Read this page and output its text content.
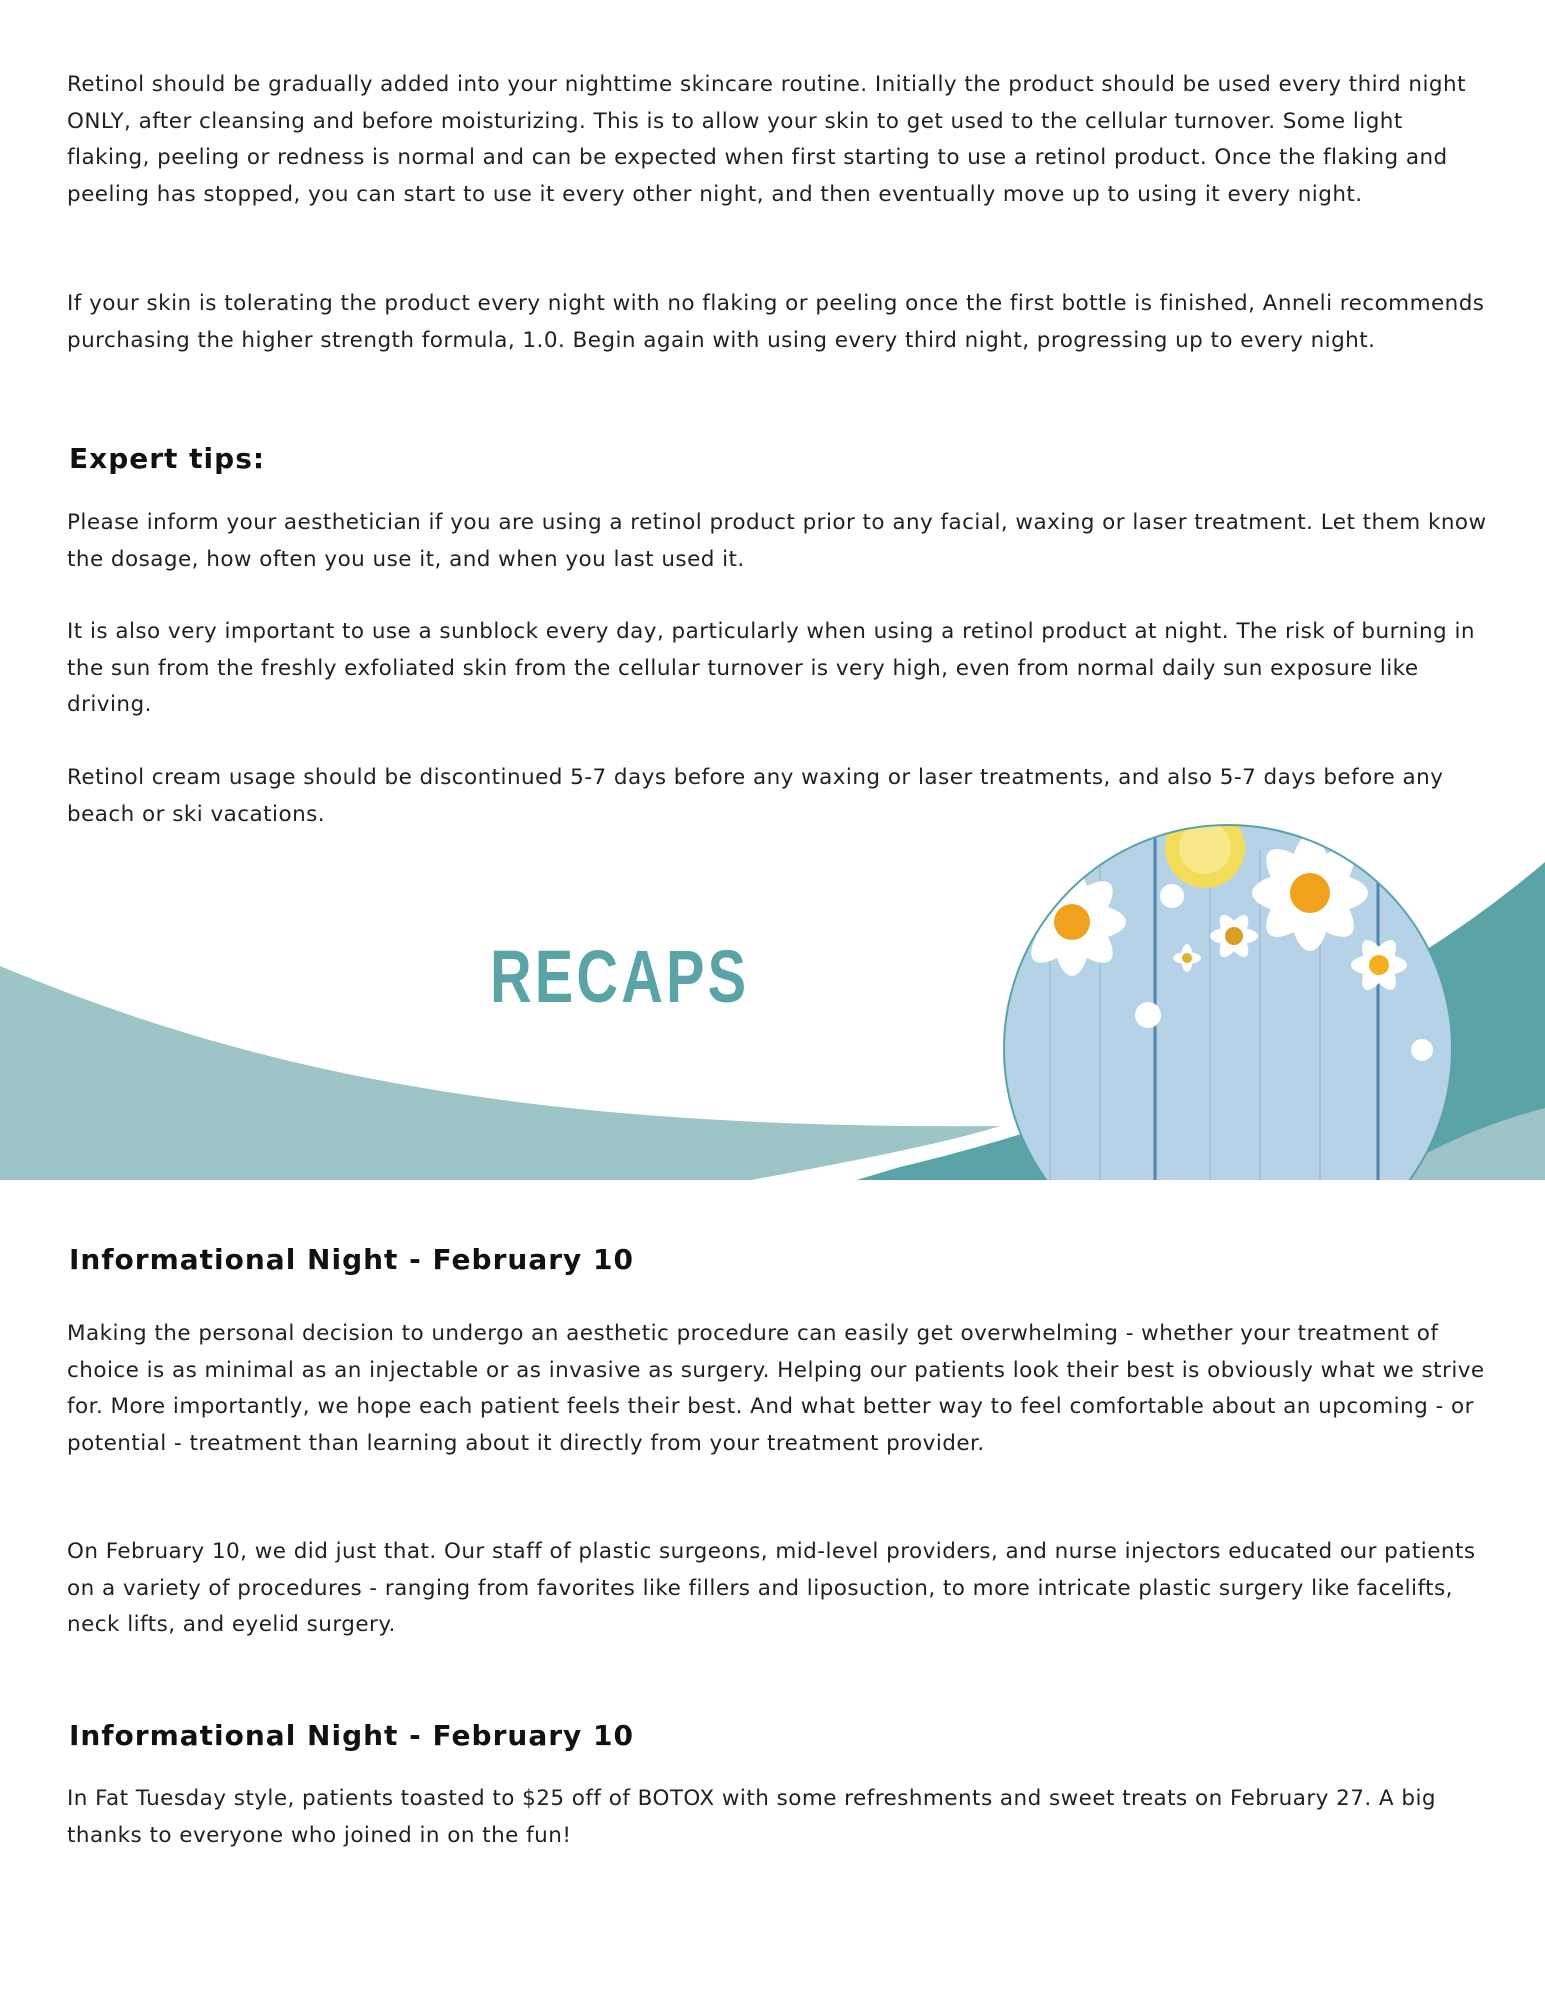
Retinol should be gradually added into your nighttime skincare routine. Initially the product should be used every third night ONLY, after cleansing and before moisturizing. This is to allow your skin to get used to the cellular turnover. Some light flaking, peeling or redness is normal and can be expected when first starting to use a retinol product. Once the flaking and peeling has stopped, you can start to use it every other night, and then eventually move up to using it every night.

If your skin is tolerating the product every night with no flaking or peeling once the first bottle is finished, Anneli recommends purchasing the higher strength formula, 1.0. Begin again with using every third night, progressing up to every night.

Expert tips:

Please inform your aesthetician if you are using a retinol product prior to any facial, waxing or laser treatment. Let them know the dosage, how often you use it, and when you last used it.

It is also very important to use a sunblock every day, particularly when using a retinol product at night. The risk of burning in the sun from the freshly exfoliated skin from the cellular turnover is very high, even from normal daily sun exposure like driving.

Retinol cream usage should be discontinued 5-7 days before any waxing or laser treatments, and also 5-7 days before any beach or ski vacations.

RECAPS
Informational Night - February 10

Making the personal decision to undergo an aesthetic procedure can easily get overwhelming - whether your treatment of choice is as minimal as an injectable or as invasive as surgery. Helping our patients look their best is obviously what we strive for. More importantly, we hope each patient feels their best. And what better way to feel comfortable about an upcoming - or potential - treatment than learning about it directly from your treatment provider.

On February 10, we did just that. Our staff of plastic surgeons, mid-level providers, and nurse injectors educated our patients on a variety of procedures - ranging from favorites like fillers and liposuction, to more intricate plastic surgery like facelifts, neck lifts, and eyelid surgery.

Informational Night - February 10

In Fat Tuesday style, patients toasted to $25 off of BOTOX with some refreshments and sweet treats on February 27. A big thanks to everyone who joined in on the fun!
